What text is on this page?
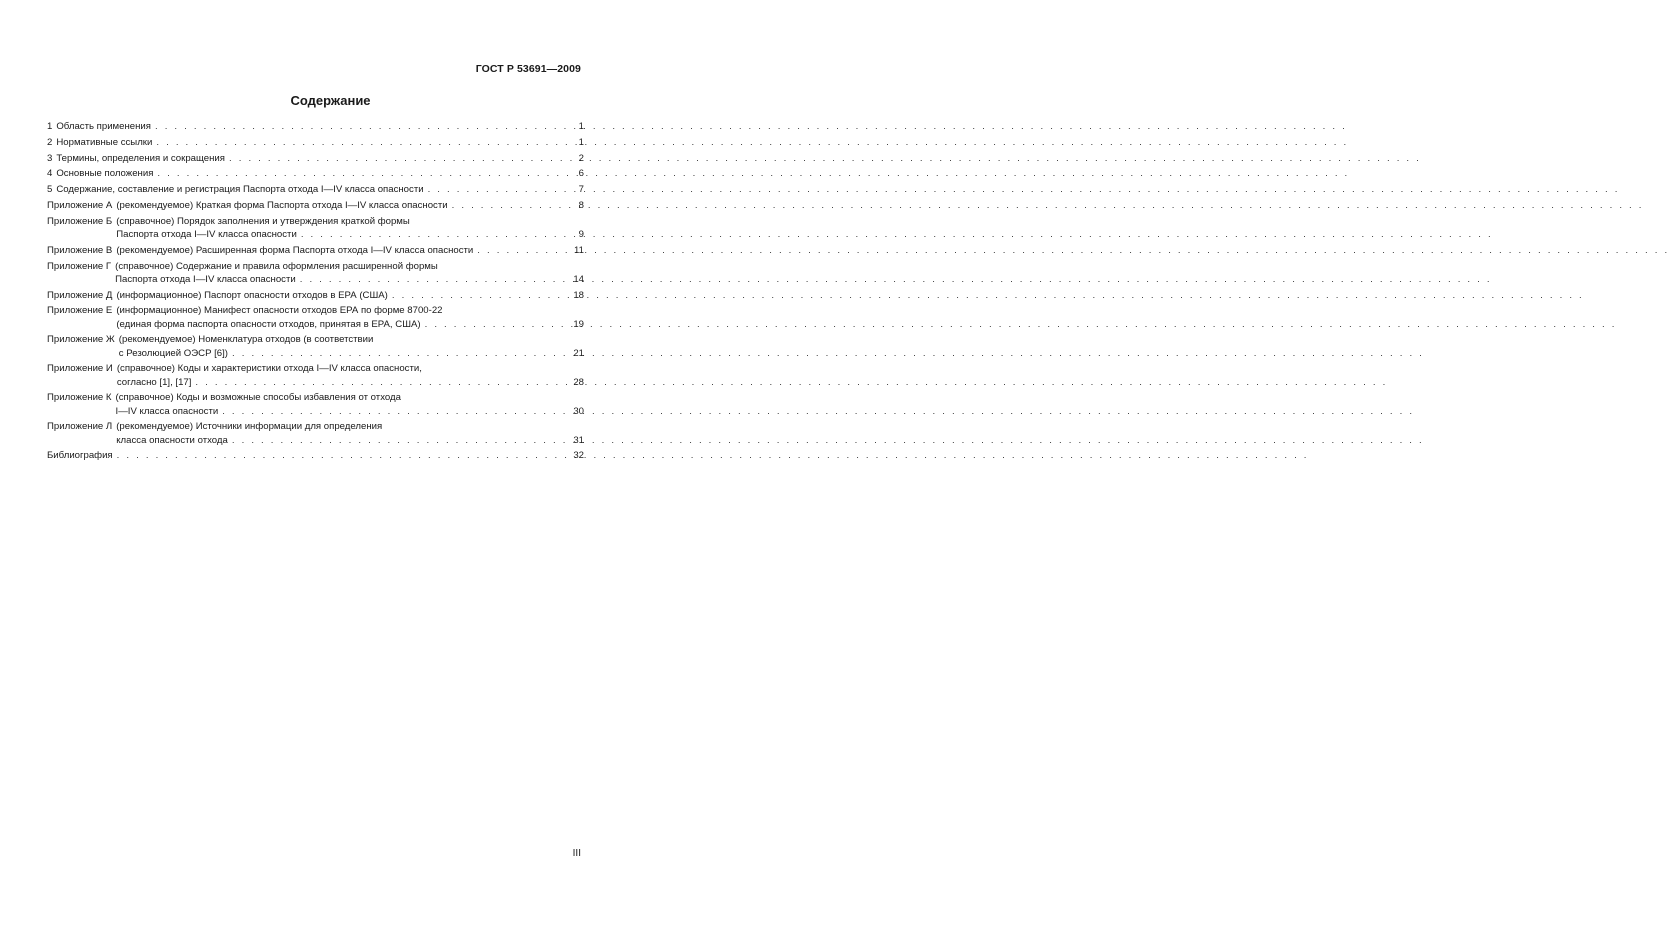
ГОСТ Р 53691—2009
Содержание
1 Область применения . . .	1
2 Нормативные ссылки . . .	1
3 Термины, определения и сокращения . . .	2
4 Основные положения . . .	6
5 Содержание, составление и регистрация Паспорта отхода I—IV класса опасности . . .	7
Приложение А (рекомендуемое) Краткая форма Паспорта отхода I—IV класса опасности . . .	8
Приложение Б (справочное) Порядок заполнения и утверждения краткой формы
Паспорта отхода I—IV класса опасности . . .	9
Приложение В (рекомендуемое) Расширенная форма Паспорта отхода I—IV класса опасности . . .	11
Приложение Г (справочное) Содержание и правила оформления расширенной формы
Паспорта отхода I—IV класса опасности . . .	14
Приложение Д (информационное) Паспорт опасности отходов в ЕРА (США) . . .	18
Приложение Е (информационное) Манифест опасности отходов ЕРА по форме 8700-22
(единая форма паспорта опасности отходов, принятая в ЕРА, США) . . .	19
Приложение Ж (рекомендуемое) Номенклатура отходов (в соответствии
с Резолюцией ОЭСР [6]) . . .	21
Приложение И (справочное) Коды и характеристики отхода I—IV класса опасности,
согласно [1], [17] . . .	28
Приложение К (справочное) Коды и возможные способы избавления от отхода
I—IV класса опасности . . .	30
Приложение Л (рекомендуемое) Источники информации для определения
класса опасности отхода . . .	31
Библиография . . .	32
III
